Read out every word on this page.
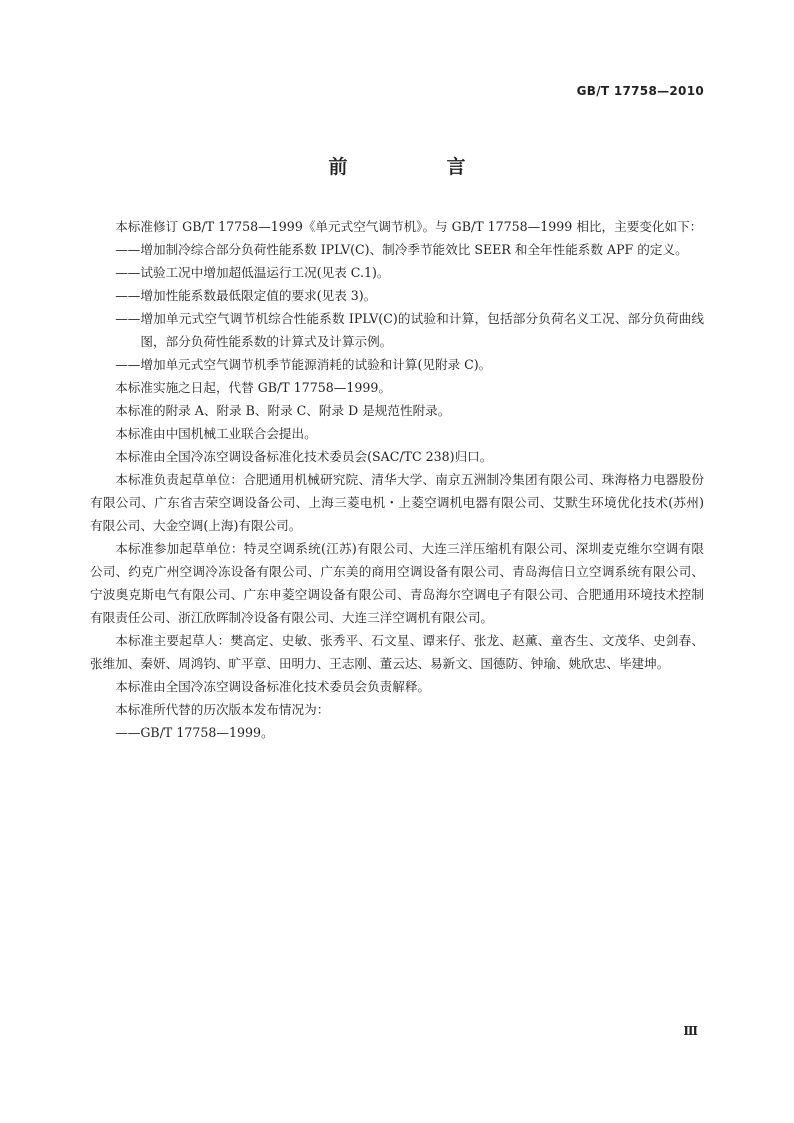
GB/T 17758—2010
前　言

本标准修订 GB/T 17758—1999《单元式空气调节机》。与 GB/T 17758—1999 相比，主要变化如下：

——增加制冷综合部分负荷性能系数 IPLV(C)、制冷季节能效比 SEER 和全年性能系数 APF 的定义。

——试验工况中增加超低温运行工况(见表 C.1)。

——增加性能系数最低限定值的要求(见表 3)。

——增加单元式空气调节机综合性能系数 IPLV(C)的试验和计算，包括部分负荷名义工况、部分负荷曲线图，部分负荷性能系数的计算式及计算示例。

——增加单元式空气调节机季节能源消耗的试验和计算(见附录 C)。

本标准实施之日起，代替 GB/T 17758—1999。

本标准的附录 A、附录 B、附录 C、附录 D 是规范性附录。

本标准由中国机械工业联合会提出。

本标准由全国冷冻空调设备标准化技术委员会(SAC/TC 238)归口。

本标准负责起草单位：合肥通用机械研究院、清华大学、南京五洲制冷集团有限公司、珠海格力电器股份有限公司、广东省吉荣空调设备公司、上海三菱电机・上菱空调机电器有限公司、艾默生环境优化技术(苏州)有限公司、大金空调(上海)有限公司。

本标准参加起草单位：特灵空调系统(江苏)有限公司、大连三洋压缩机有限公司、深圳麦克维尔空调有限公司、约克广州空调冷冻设备有限公司、广东美的商用空调设备有限公司、青岛海信日立空调系统有限公司、宁波奥克斯电气有限公司、广东申菱空调设备有限公司、青岛海尔空调电子有限公司、合肥通用环境技术控制有限责任公司、浙江欣晖制冷设备有限公司、大连三洋空调机有限公司。

本标准主要起草人：樊高定、史敏、张秀平、石文星、谭来仔、张龙、赵薰、童杏生、文茂华、史剑春、张维加、秦妍、周鸿钧、旷平章、田明力、王志刚、董云达、易新文、国德防、钟瑜、姚欣忠、毕建坤。

本标准由全国冷冻空调设备标准化技术委员会负责解释。

本标准所代替的历次版本发布情况为：

——GB/T 17758—1999。

Ⅲ
